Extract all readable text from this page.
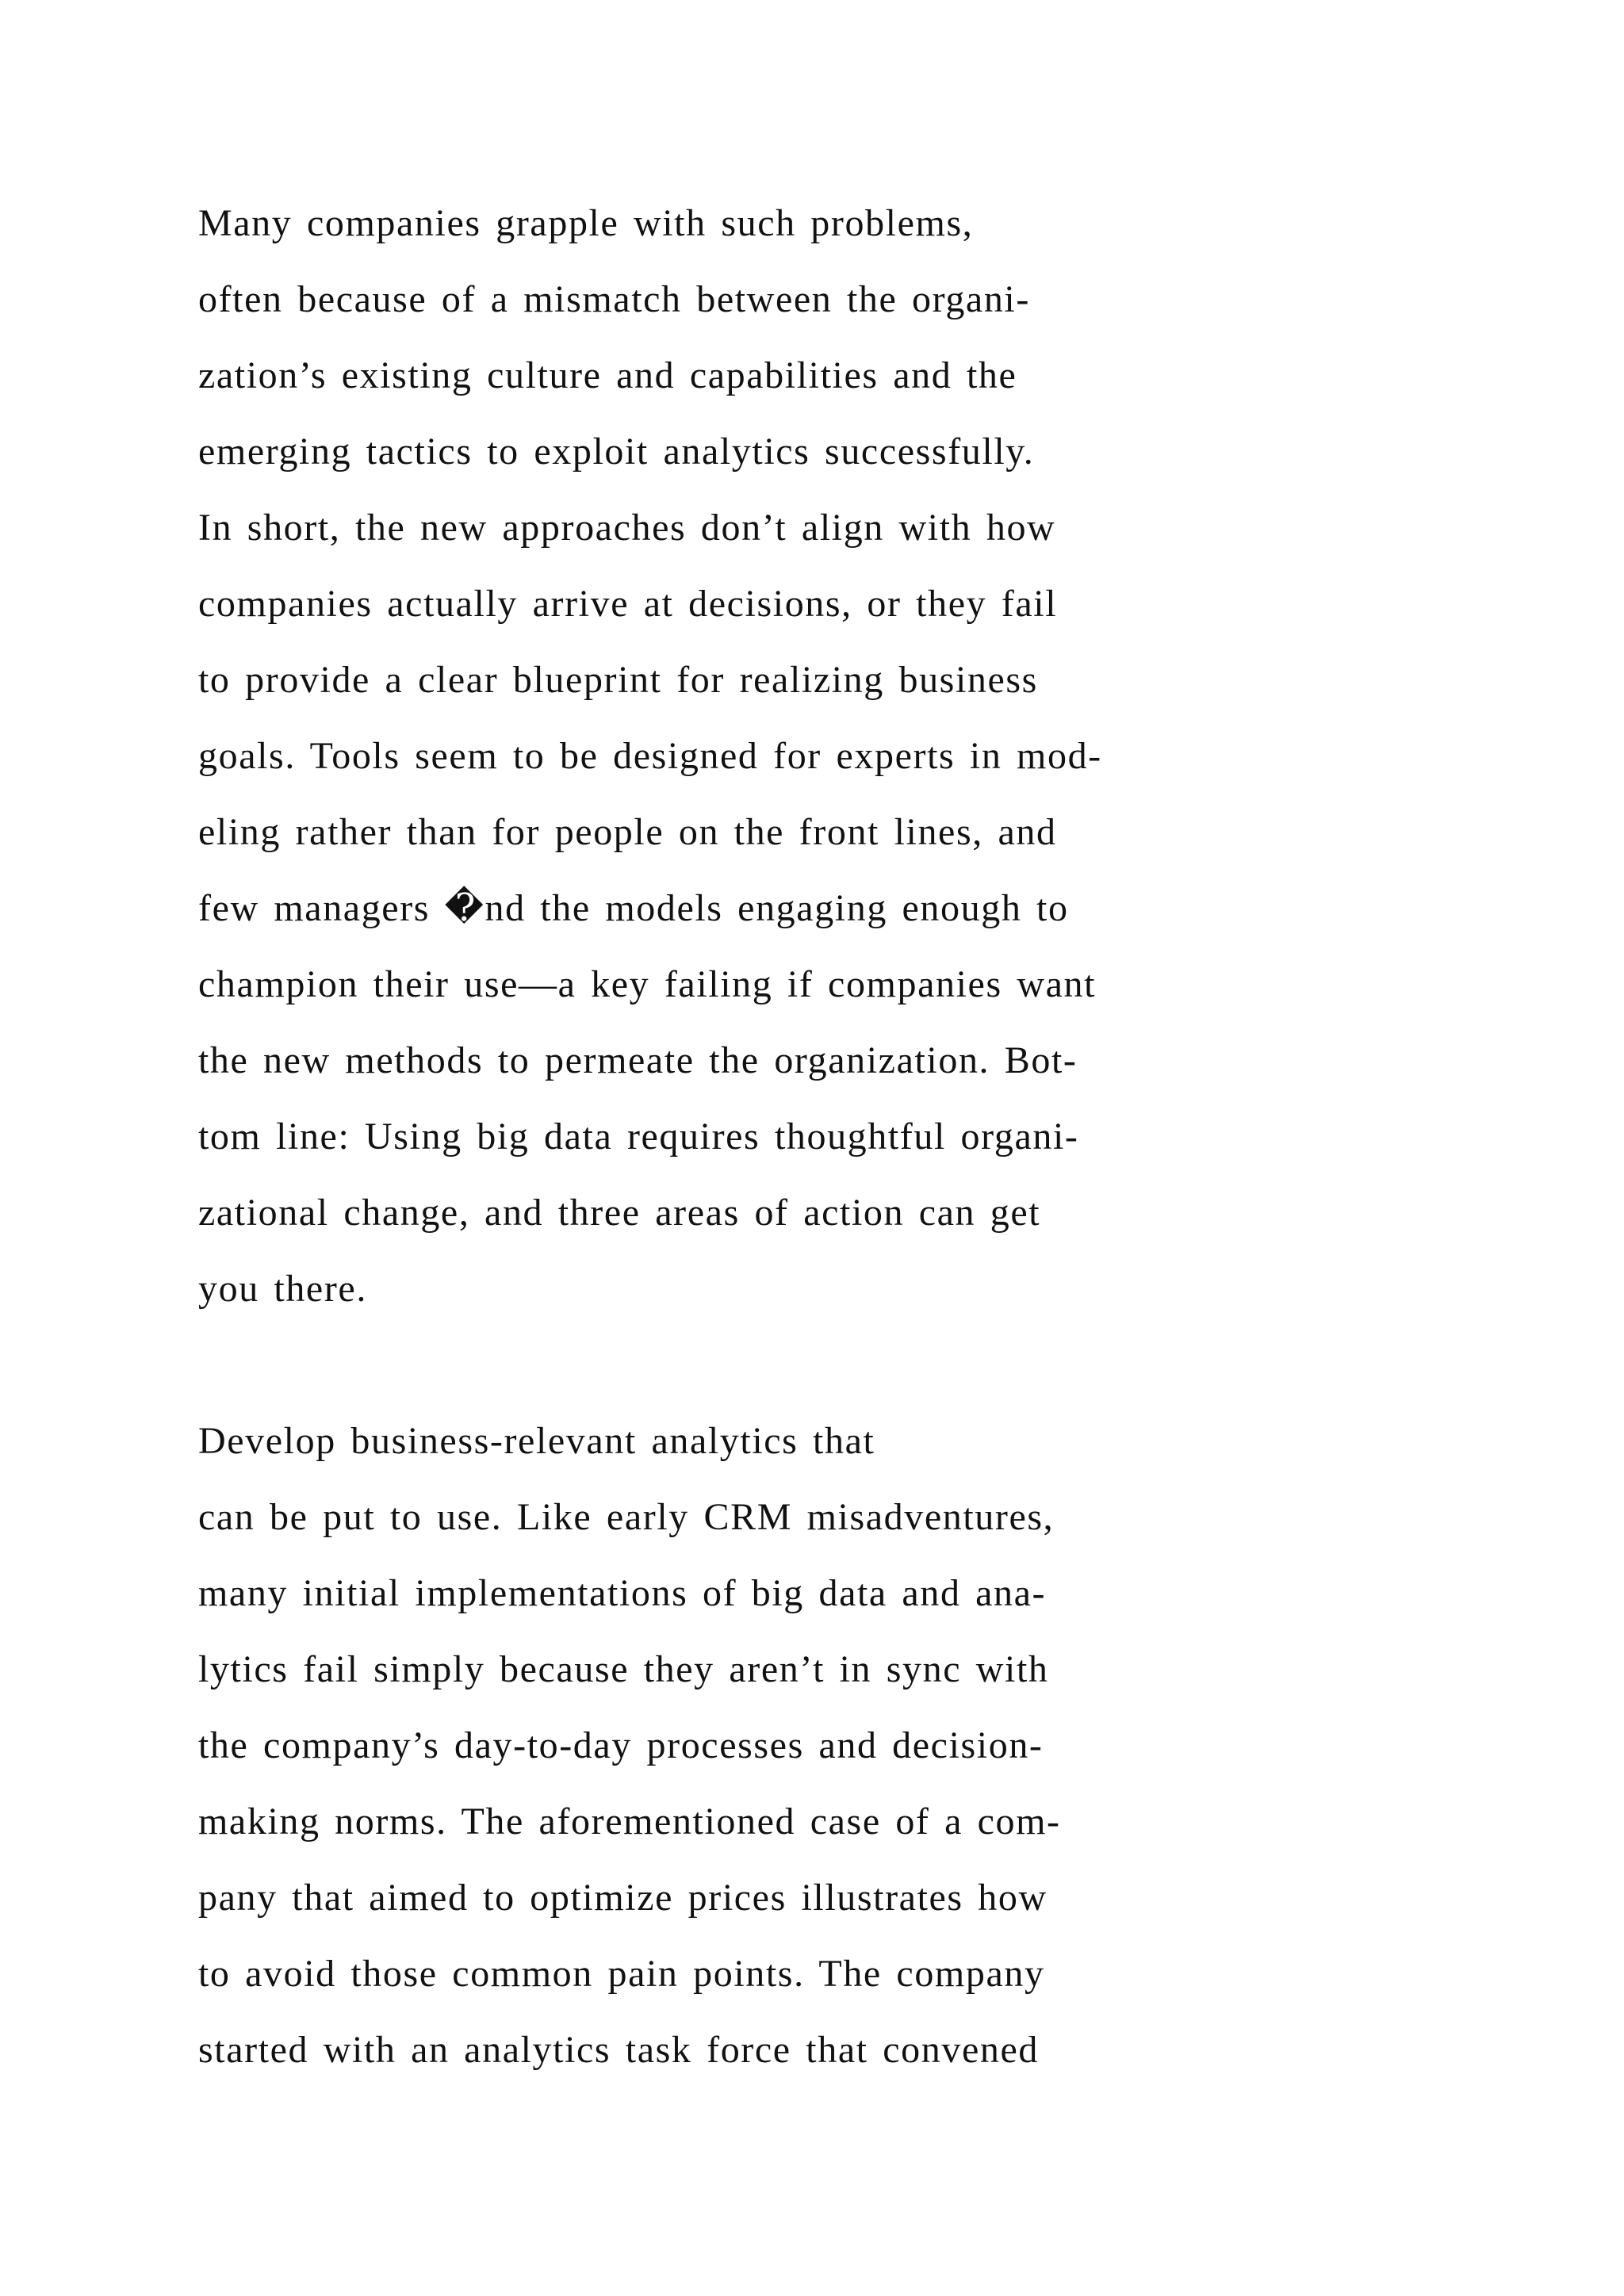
Many companies grapple with such problems,
often because of a mismatch between the organi-
zation’s existing culture and capabilities and the
emerging tactics to exploit analytics successfully.
In short, the new approaches don’t align with how
companies actually arrive at decisions, or they fail
to provide a clear blueprint for realizing business
goals. Tools seem to be designed for experts in mod-
eling rather than for people on the front lines, and
few managers �nd the models engaging enough to
champion their use—a key failing if companies want
the new methods to permeate the organization. Bot-
tom line: Using big data requires thoughtful organi-
zational change, and three areas of action can get
you there.
Develop business-relevant analytics that
can be put to use. Like early CRM misadventures,
many initial implementations of big data and ana-
lytics fail simply because they aren’t in sync with
the company’s day-to-day processes and decision-
making norms. The aforementioned case of a com-
pany that aimed to optimize prices illustrates how
to avoid those common pain points. The company
started with an analytics task force that convened
